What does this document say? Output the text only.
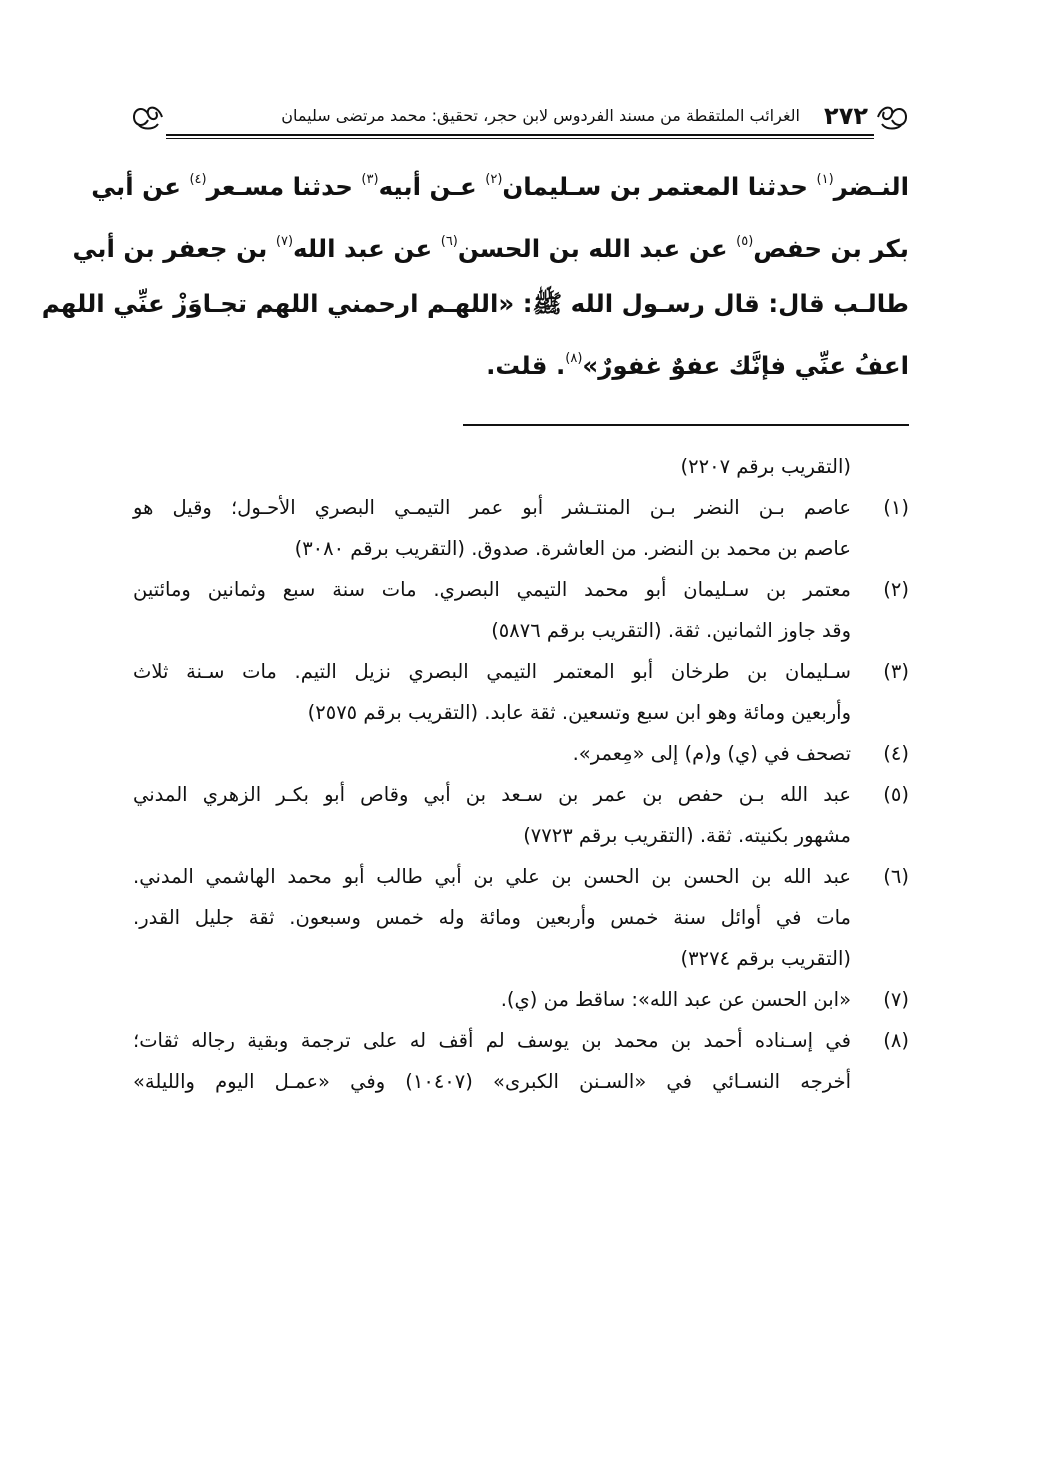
٢٧٢
الغرائب الملتقطة من مسند الفردوس لابن حجر، تحقيق: محمد مرتضى سليمان
النـضر$^{(١)}$ حدثنا المعتمر بن سـليمان$^{(٢)}$ عـن أبيه$^{(٣)}$ حدثنا مسـعر$^{(٤)}$ عن أبي
بكر بن حفص$^{(٥)}$ عن عبد الله بن الحسن$^{(٦)}$ عن عبد الله$^{(٧)}$ بن جعفر بن أبي
طالـب قال: قال رسـول الله ﷺ: «اللهـم ارحمني اللهم تجـاوَزْ عنِّي اللهم
اعفُ عنِّي فإنَّك عفوٌ غفورٌ»$^{(٨)}$. قلت.
(التقريب برقم ٢٢٠٧)
(١)
عاصم بـن النضر بـن المنتـشر أبو عمر التيمـي البصري الأحـول؛ وقيل هو
عاصم بن محمد بن النضر. من العاشرة. صدوق. (التقريب برقم ٣٠٨٠)
(٢)
معتمر بن سـليمان أبو محمد التيمي البصري. مات سنة سبع وثمانين ومائتين
وقد جاوز الثمانين. ثقة. (التقريب برقم ٥٨٧٦)
(٣)
سـليمان بن طرخان أبو المعتمر التيمي البصري نزيل التيم. مات سـنة ثلاث
وأربعين ومائة وهو ابن سبع وتسعين. ثقة عابد. (التقريب برقم ٢٥٧٥)
(٤)
تصحف في (ي) و(م) إلى «مِعمر».
(٥)
عبد الله بـن حفص بن عمر بن سـعد بن أبي وقاص أبو بكـر الزهري المدني
مشهور بكنيته. ثقة. (التقريب برقم ٧٧٢٣)
(٦)
عبد الله بن الحسن بن الحسن بن علي بن أبي طالب أبو محمد الهاشمي المدني.
مات في أوائل سنة خمس وأربعين ومائة وله خمس وسبعون. ثقة جليل القدر.
(التقريب برقم ٣٢٧٤)
(٧)
«ابن الحسن عن عبد الله»: ساقط من (ي).
(٨)
في إسـناده أحمد بن محمد بن يوسف لم أقف له على ترجمة وبقية رجاله ثقات؛
أخرجه النسـائي في «السـنن الكبرى» (١٠٤٠٧) وفي «عمـل اليوم والليلة»
